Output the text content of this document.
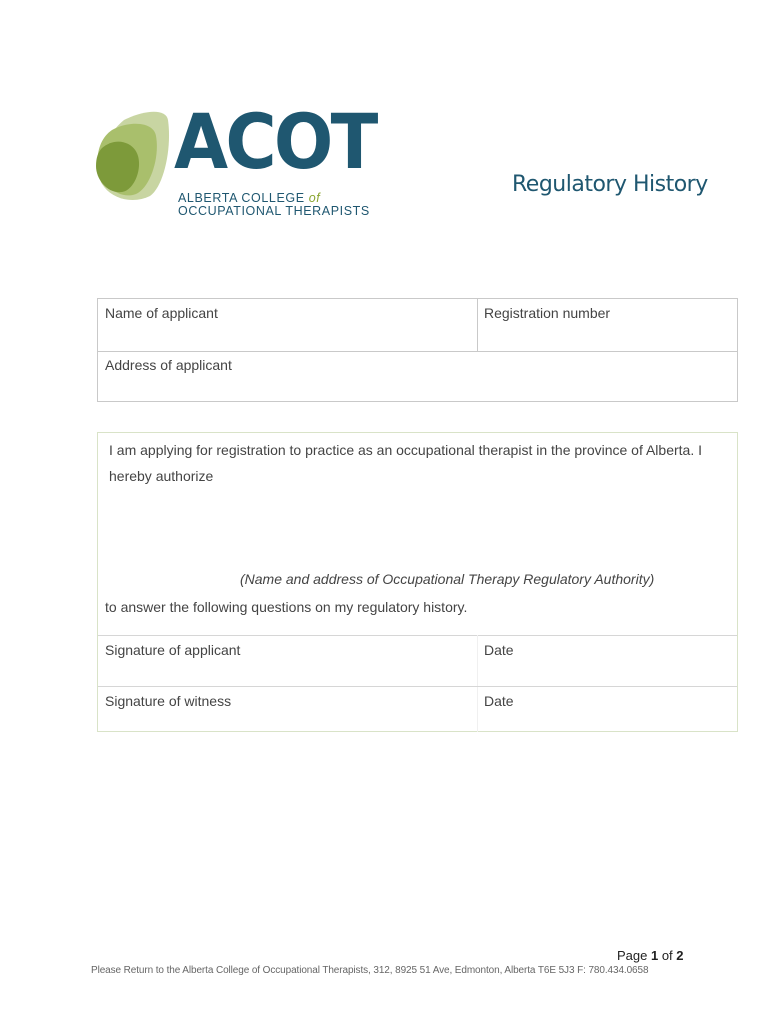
ACOT
ALBERTA COLLEGE of
OCCUPATIONAL THERAPISTS
Regulatory History
Name of applicant	Registration number
Address of applicant
I am applying for registration to practice as an occupational therapist in the province of Alberta. I hereby authorize
(Name and address of Occupational Therapy Regulatory Authority)
to answer the following questions on my regulatory history.
Signature of applicant	Date
Signature of witness	Date
Page 1 of 2
Please Return to the Alberta College of Occupational Therapists, 312, 8925 51 Ave, Edmonton, Alberta T6E 5J3 F: 780.434.0658
